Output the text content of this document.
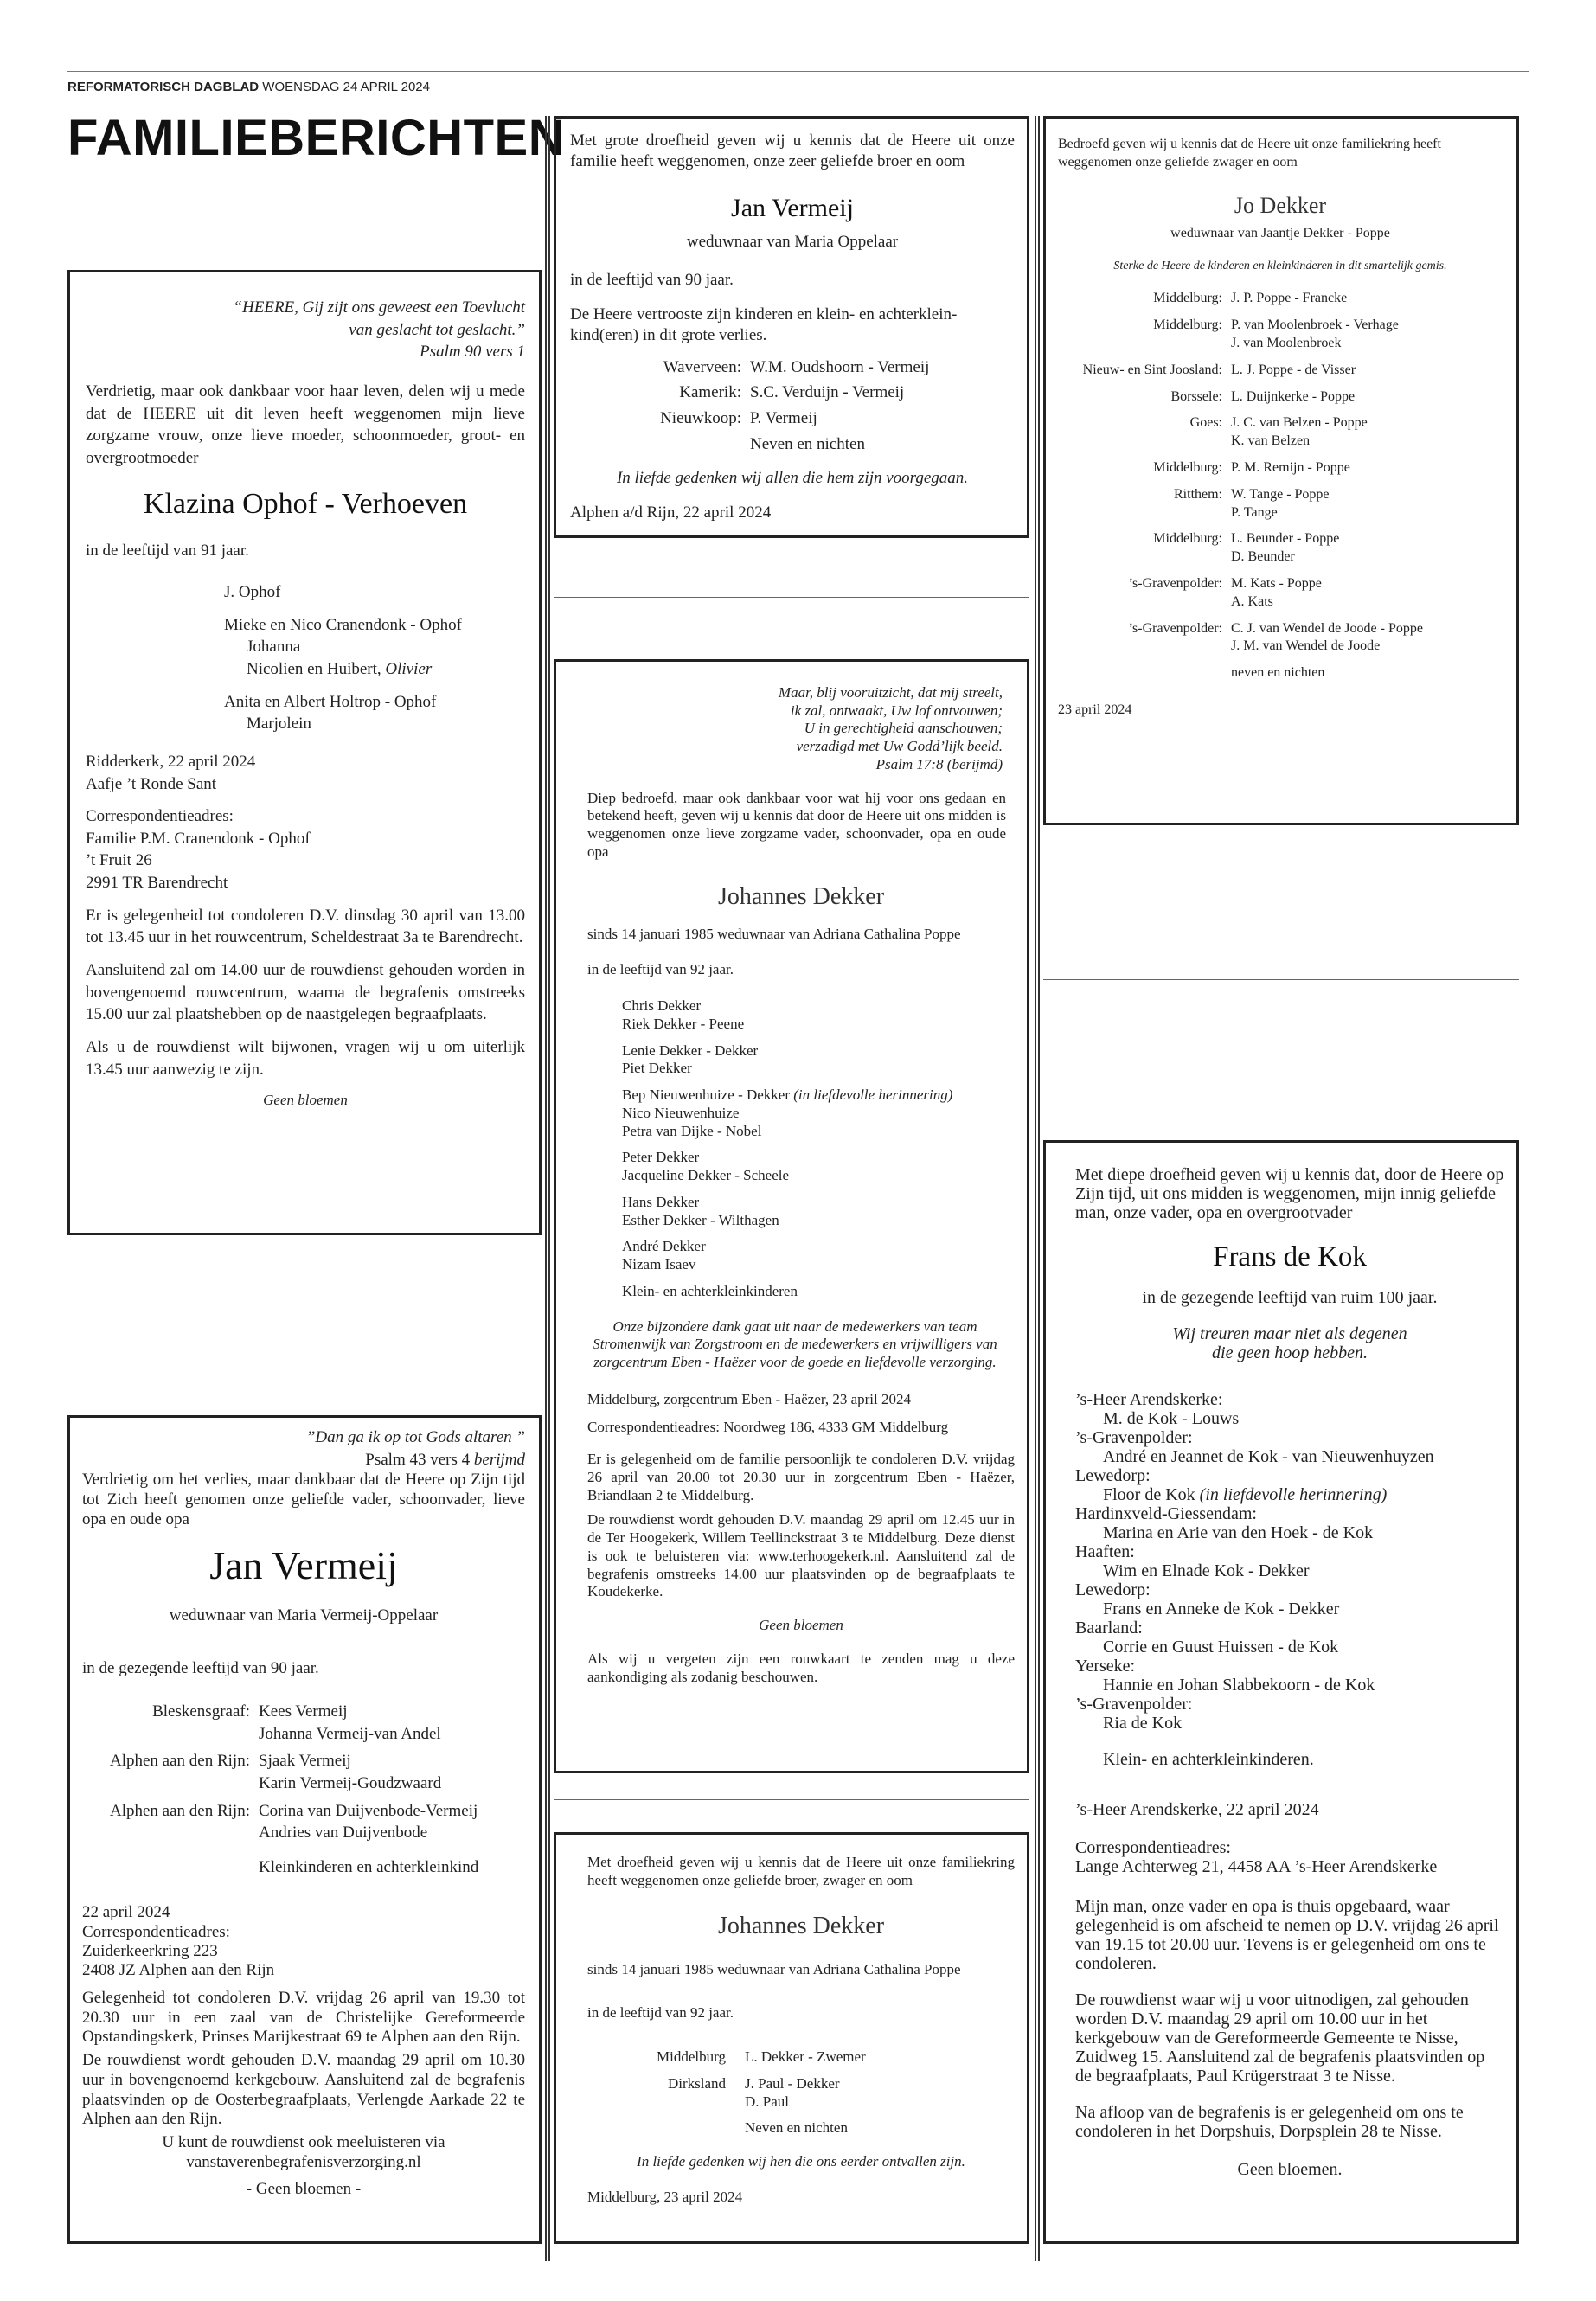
REFORMATORISCH DAGBLAD WOENSDAG 24 APRIL 2024
FAMILIEBERICHTEN
“HEERE, Gij zijt ons geweest een Toevlucht
van geslacht tot geslacht.”
Psalm 90 vers 1
Verdrietig, maar ook dankbaar voor haar leven, delen wij u mede dat de HEERE uit dit leven heeft weggenomen mijn lieve zorgzame vrouw, onze lieve moeder, schoonmoeder, groot- en overgrootmoeder
Klazina Ophof - Verhoeven
in de leeftijd van 91 jaar.
J. Ophof
Mieke en Nico Cranendonk - Ophof
Johanna
Nicolien en Huibert, Olivier
Anita en Albert Holtrop - Ophof
Marjolein
Ridderkerk, 22 april 2024
Aafje ’t Ronde Sant
Correspondentieadres:
Familie P.M. Cranendonk - Ophof
’t Fruit 26
2991 TR Barendrecht
Er is gelegenheid tot condoleren D.V. dinsdag 30 april van 13.00 tot 13.45 uur in het rouwcentrum, Scheldestraat 3a te Barendrecht.
Aansluitend zal om 14.00 uur de rouwdienst gehouden worden in bovengenoemd rouwcentrum, waarna de begrafenis omstreeks 15.00 uur zal plaatshebben op de naastgelegen begraafplaats.
Als u de rouwdienst wilt bijwonen, vragen wij u om uiterlijk 13.45 uur aanwezig te zijn.
Geen bloemen
”Dan ga ik op tot Gods altaren ”
Psalm 43 vers 4 berijmd
Verdrietig om het verlies, maar dankbaar dat de Heere op Zijn tijd tot Zich heeft genomen onze geliefde vader, schoonvader, lieve opa en oude opa
Jan Vermeij
weduwnaar van Maria Vermeij-Oppelaar
in de gezegende leeftijd van 90 jaar.
Bleskensgraaf: Kees Vermeij
Johanna Vermeij-van Andel
Alphen aan den Rijn: Sjaak Vermeij
Karin Vermeij-Goudzwaard
Alphen aan den Rijn: Corina van Duijvenbode-Vermeij
Andries van Duijvenbode
Kleinkinderen en achterkleinkind
22 april 2024
Correspondentieadres:
Zuiderkeerkring 223
2408 JZ Alphen aan den Rijn
Gelegenheid tot condoleren D.V. vrijdag 26 april van 19.30 tot 20.30 uur in een zaal van de Christelijke Gereformeerde Opstandingskerk, Prinses Marijkestraat 69 te Alphen aan den Rijn.
De rouwdienst wordt gehouden D.V. maandag 29 april om 10.30 uur in bovengenoemd kerkgebouw. Aansluitend zal de begrafenis plaatsvinden op de Oosterbegraafplaats, Verlengde Aarkade 22 te Alphen aan den Rijn.
U kunt de rouwdienst ook meeluisteren via
vanstaverenbegrafenisverzorging.nl
- Geen bloemen -
Met grote droefheid geven wij u kennis dat de Heere uit onze familie heeft weggenomen, onze zeer geliefde broer en oom
Jan Vermeij
weduwnaar van Maria Oppelaar
in de leeftijd van 90 jaar.
De Heere vertrooste zijn kinderen en klein- en achterkleinkind(eren) in dit grote verlies.
Waverveen: W.M. Oudshoorn - Vermeij
Kamerik: S.C. Verduijn - Vermeij
Nieuwkoop: P. Vermeij
Neven en nichten
In liefde gedenken wij allen die hem zijn voorgegaan.
Alphen a/d Rijn, 22 april 2024
Maar, blij vooruitzicht, dat mij streelt,
ik zal, ontwaakt, Uw lof ontvouwen;
U in gerechtigheid aanschouwen;
verzadigd met Uw Godd’lijk beeld.
Psalm 17:8 (berijmd)
Diep bedroefd, maar ook dankbaar voor wat hij voor ons gedaan en betekend heeft, geven wij u kennis dat door de Heere uit ons midden is weggenomen onze lieve zorgzame vader, schoonvader, opa en oude opa
Johannes Dekker
sinds 14 januari 1985 weduwnaar van Adriana Cathalina Poppe
in de leeftijd van 92 jaar.
Chris Dekker
Riek Dekker - Peene
Lenie Dekker - Dekker
Piet Dekker
Bep Nieuwenhuize - Dekker (in liefdevolle herinnering)
Nico Nieuwenhuize
Petra van Dijke - Nobel
Peter Dekker
Jacqueline Dekker - Scheele
Hans Dekker
Esther Dekker - Wilthagen
André Dekker
Nizam Isaev
Klein- en achterkleinkinderen
Onze bijzondere dank gaat uit naar de medewerkers van team Stromenwijk van Zorgstroom en de medewerkers en vrijwilligers van zorgcentrum Eben - Haëzer voor de goede en liefdevolle verzorging.
Middelburg, zorgcentrum Eben - Haëzer, 23 april 2024
Correspondentieadres: Noordweg 186, 4333 GM Middelburg
Er is gelegenheid om de familie persoonlijk te condoleren D.V. vrijdag 26 april van 20.00 tot 20.30 uur in zorgcentrum Eben - Haëzer, Briandlaan 2 te Middelburg.
De rouwdienst wordt gehouden D.V. maandag 29 april om 12.45 uur in de Ter Hoogekerk, Willem Teellinckstraat 3 te Middelburg. Deze dienst is ook te beluisteren via: www.terhoogekerk.nl. Aansluitend zal de begrafenis omstreeks 14.00 uur plaatsvinden op de begraafplaats te Koudekerke.
Geen bloemen
Als wij u vergeten zijn een rouwkaart te zenden mag u deze aankondiging als zodanig beschouwen.
Met droefheid geven wij u kennis dat de Heere uit onze familiekring heeft weggenomen onze geliefde broer, zwager en oom
Johannes Dekker
sinds 14 januari 1985 weduwnaar van Adriana Cathalina Poppe
in de leeftijd van 92 jaar.
Middelburg	L. Dekker - Zwemer
Dirksland	J. Paul - Dekker
D. Paul
Neven en nichten
In liefde gedenken wij hen die ons eerder ontvallen zijn.
Middelburg, 23 april 2024
Bedroefd geven wij u kennis dat de Heere uit onze familiekring heeft weggenomen onze geliefde zwager en oom
Jo Dekker
weduwnaar van Jaantje Dekker - Poppe
Sterke de Heere de kinderen en kleinkinderen in dit smartelijk gemis.
Middelburg: J. P. Poppe - Francke
Middelburg: P. van Moolenbroek - Verhage
J. van Moolenbroek
Nieuw- en Sint Joosland: L. J. Poppe - de Visser
Borssele: L. Duijnkerke - Poppe
Goes: J. C. van Belzen - Poppe
K. van Belzen
Middelburg: P. M. Remijn - Poppe
Ritthem: W. Tange - Poppe
P. Tange
Middelburg: L. Beunder - Poppe
D. Beunder
’s-Gravenpolder: M. Kats - Poppe
A. Kats
’s-Gravenpolder: C. J. van Wendel de Joode - Poppe
J. M. van Wendel de Joode
neven en nichten
23 april 2024
Met diepe droefheid geven wij u kennis dat, door de Heere op Zijn tijd, uit ons midden is weggenomen, mijn innig geliefde man, onze vader, opa en overgrootvader
Frans de Kok
in de gezegende leeftijd van ruim 100 jaar.
Wij treuren maar niet als degenen
die geen hoop hebben.
’s-Heer Arendskerke:
M. de Kok - Louws
’s-Gravenpolder:
André en Jeannet de Kok - van Nieuwenhuyzen
Lewedorp:
Floor de Kok (in liefdevolle herinnering)
Hardinxveld-Giessendam:
Marina en Arie van den Hoek - de Kok
Haaften:
Wim en Elnade Kok - Dekker
Lewedorp:
Frans en Anneke de Kok - Dekker
Baarland:
Corrie en Guust Huissen - de Kok
Yerseke:
Hannie en Johan Slabbekoorn - de Kok
’s-Gravenpolder:
Ria de Kok
Klein- en achterkleinkinderen.
’s-Heer Arendskerke, 22 april 2024
Correspondentieadres:
Lange Achterweg 21, 4458 AA ’s-Heer Arendskerke
Mijn man, onze vader en opa is thuis opgebaard, waar gelegenheid is om afscheid te nemen op D.V. vrijdag 26 april van 19.15 tot 20.00 uur. Tevens is er gelegenheid om ons te condoleren.
De rouwdienst waar wij u voor uitnodigen, zal gehouden worden D.V. maandag 29 april om 10.00 uur in het kerkgebouw van de Gereformeerde Gemeente te Nisse, Zuidweg 15. Aansluitend zal de begrafenis plaatsvinden op de begraafplaats, Paul Krügerstraat 3 te Nisse.
Na afloop van de begrafenis is er gelegenheid om ons te condoleren in het Dorpshuis, Dorpsplein 28 te Nisse.
Geen bloemen.
